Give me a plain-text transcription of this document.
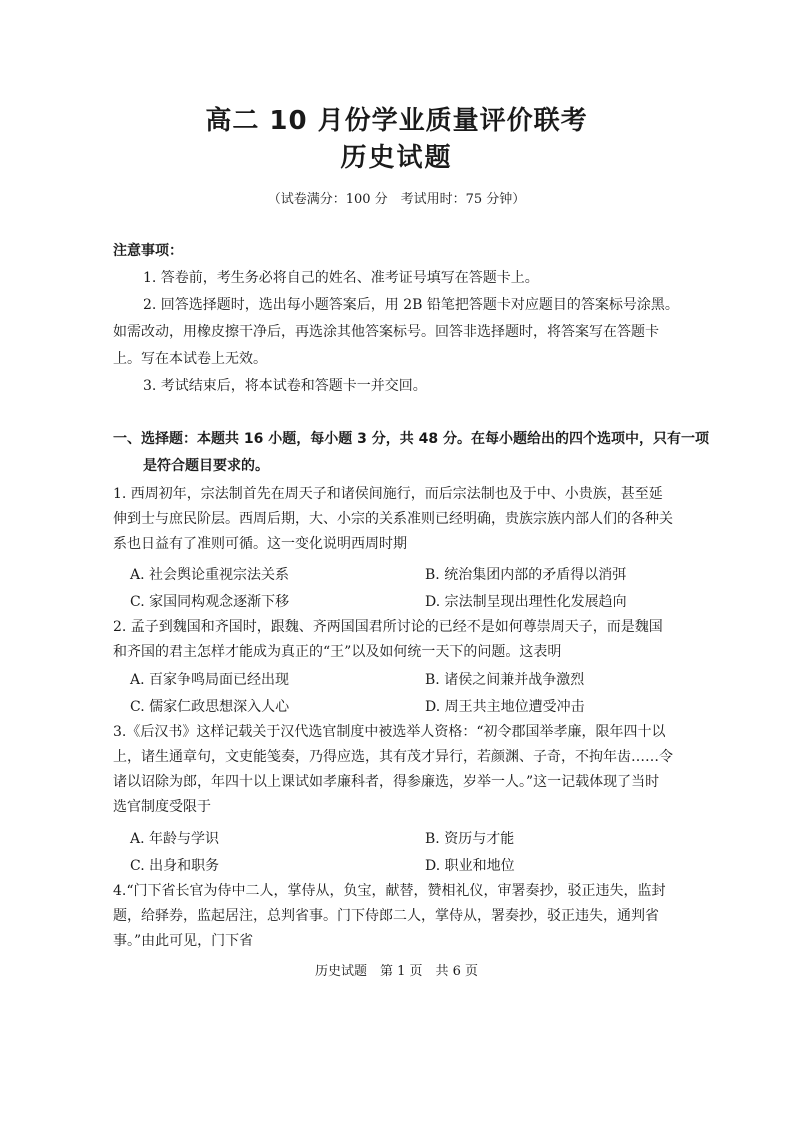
高二 10 月份学业质量评价联考
历史试题
（试卷满分：100 分　考试用时：75 分钟）
注意事项：
1. 答卷前，考生务必将自己的姓名、准考证号填写在答题卡上。
2. 回答选择题时，选出每小题答案后，用 2B 铅笔把答题卡对应题目的答案标号涂黑。
如需改动，用橡皮擦干净后，再选涂其他答案标号。回答非选择题时，将答案写在答题卡
上。写在本试卷上无效。
3. 考试结束后，将本试卷和答题卡一并交回。
一、选择题：本题共 16 小题，每小题 3 分，共 48 分。在每小题给出的四个选项中，只有一项
是符合题目要求的。
1. 西周初年，宗法制首先在周天子和诸侯间施行，而后宗法制也及于中、小贵族，甚至延伸到士与庶民阶层。西周后期，大、小宗的关系准则已经明确，贵族宗族内部人们的各种关系也日益有了准则可循。这一变化说明西周时期
A. 社会舆论重视宗法关系	B. 统治集团内部的矛盾得以消弭
C. 家国同构观念逐渐下移	D. 宗法制呈现出理性化发展趋向
2. 孟子到魏国和齐国时，跟魏、齐两国国君所讨论的已经不是如何尊崇周天子，而是魏国和齐国的君主怎样才能成为真正的“王”以及如何统一天下的问题。这表明
A. 百家争鸣局面已经出现	B. 诸侯之间兼并战争激烈
C. 儒家仁政思想深入人心	D. 周王共主地位遭受冲击
3.《后汉书》这样记载关于汉代选官制度中被选举人资格：“初令郡国举孝廉，限年四十以上，诸生通章句，文吏能笺奏，乃得应选，其有茂才异行，若颜渊、子奇，不拘年齿……令诸以诏除为郎，年四十以上课试如孝廉科者，得参廉选，岁举一人。”这一记载体现了当时选官制度受限于
A. 年龄与学识	B. 资历与才能
C. 出身和职务	D. 职业和地位
4.“门下省长官为侍中二人，掌侍从，负宝，献替，赞相礼仪，审署奏抄，驳正违失，监封题，给驿券，监起居注，总判省事。门下侍郎二人，掌侍从，署奏抄，驳正违失，通判省事。”由此可见，门下省
历史试题　第 1 页　共 6 页
